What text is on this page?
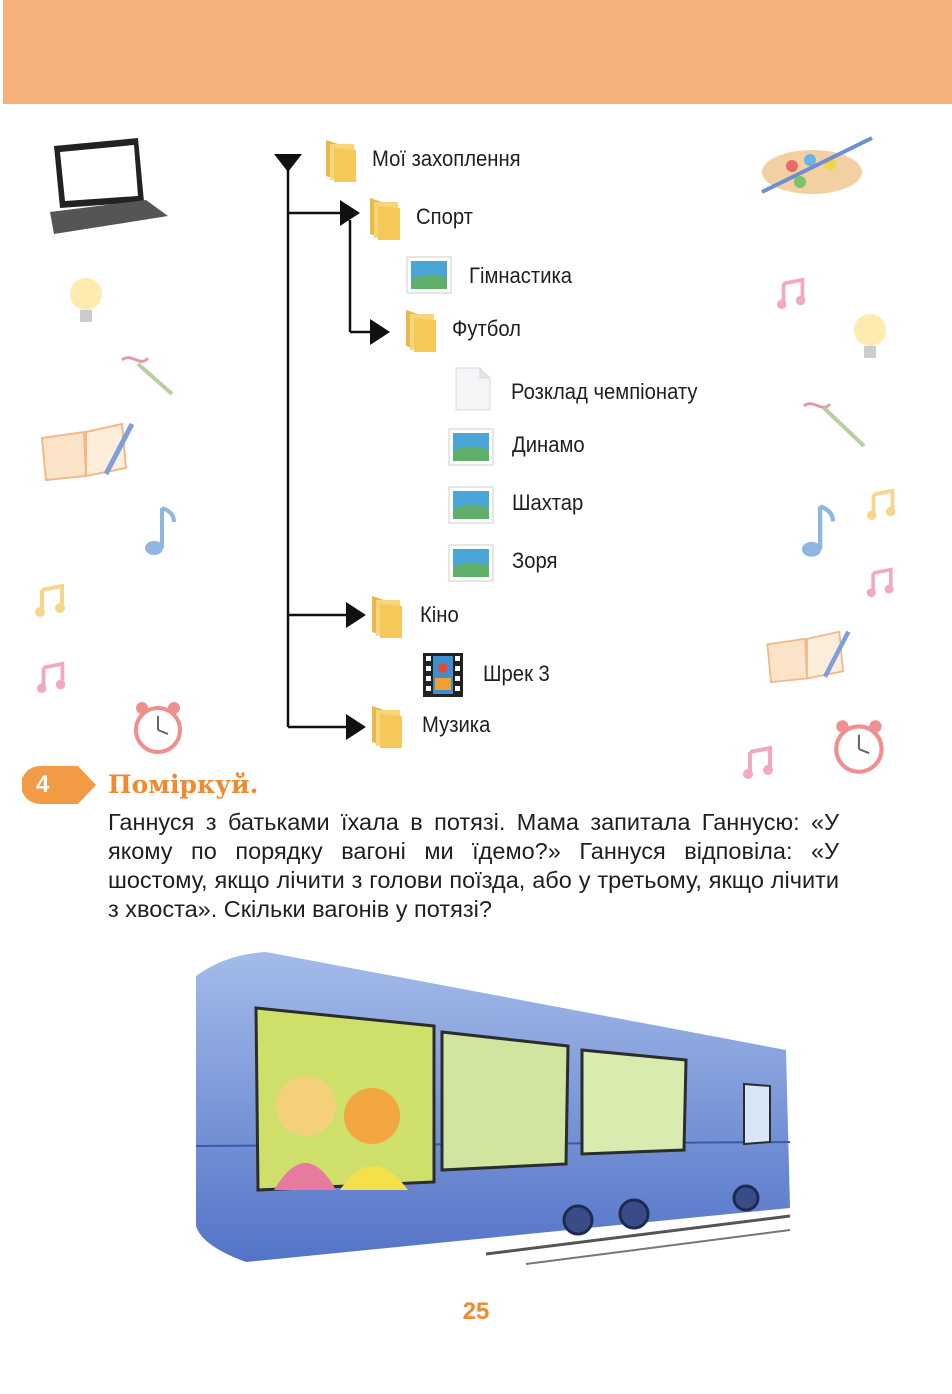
Мої захоплення
Спорт
Гімнастика
Футбол
Розклад чемпіонату
Динамо
Шахтар
Зоря
Кіно
Шрек 3
Музика
4 Поміркуй.
Ганнуся з батьками їхала в потязі. Мама запитала Ганнусю: «У якому по порядку вагоні ми їдемо?» Ганнуся відповіла: «У шостому, якщо лічити з голови поїзда, або у третьому, якщо лічити з хвоста». Скільки вагонів у потязі?
25
